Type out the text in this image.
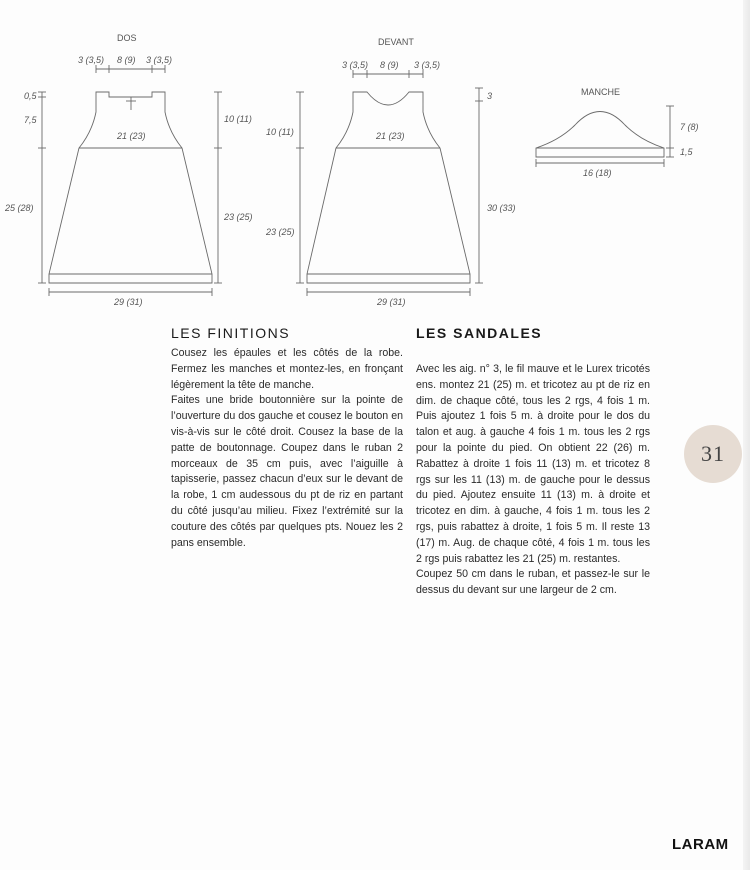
DOS
3 (3,5) 8 (9) 3 (3,5)
0,5
7,5	10 (11)
21 (23)
25 (28)
23 (25)
29 (31)
DEVANT
3 (3,5) 8 (9) 3 (3,5)
3
10 (11)	21 (23)
23 (25)
30 (33)
29 (31)
MANCHE
7 (8)
1,5
16 (18)
LES FINITIONS

Cousez les épaules et les côtés de la robe. Fermez les manches et montez-les, en fronçant légèrement la tête de manche.

Faites une bride boutonnière sur la pointe de l’ouverture du dos gauche et cousez le bouton en vis-à-vis sur le côté droit. Cousez la base de la patte de boutonnage. Coupez dans le ruban 2 morceaux de 35 cm puis, avec l’aiguille à tapisserie, passez chacun d’eux sur le devant de la robe, 1 cm audessous du pt de riz en partant du côté jusqu’au milieu. Fixez l’extrémité sur la couture des côtés par quelques pts. Nouez les 2 pans ensemble.

LES SANDALES

Avec les aig. n° 3, le fil mauve et le Lurex tricotés ens. montez 21 (25) m. et tricotez au pt de riz en dim. de chaque côté, tous les 2 rgs, 4 fois 1 m. Puis ajoutez 1 fois 5 m. à droite pour le dos du talon et aug. à gauche 4 fois 1 m. tous les 2 rgs pour la pointe du pied. On obtient 22 (26) m. Rabattez à droite 1 fois 11 (13) m. et tricotez 8 rgs sur les 11 (13) m. de gauche pour le dessus du pied. Ajoutez ensuite 11 (13) m. à droite et tricotez en dim. à gauche, 4 fois 1 m. tous les 2 rgs, puis rabattez à droite, 1 fois 5 m. Il reste 13 (17) m. Aug. de chaque côté, 4 fois 1 m. tous les 2 rgs puis rabattez les 21 (25) m. restantes.

Coupez 50 cm dans le ruban, et passez-le sur le dessus du devant sur une largeur de 2 cm.

31
LARAM
